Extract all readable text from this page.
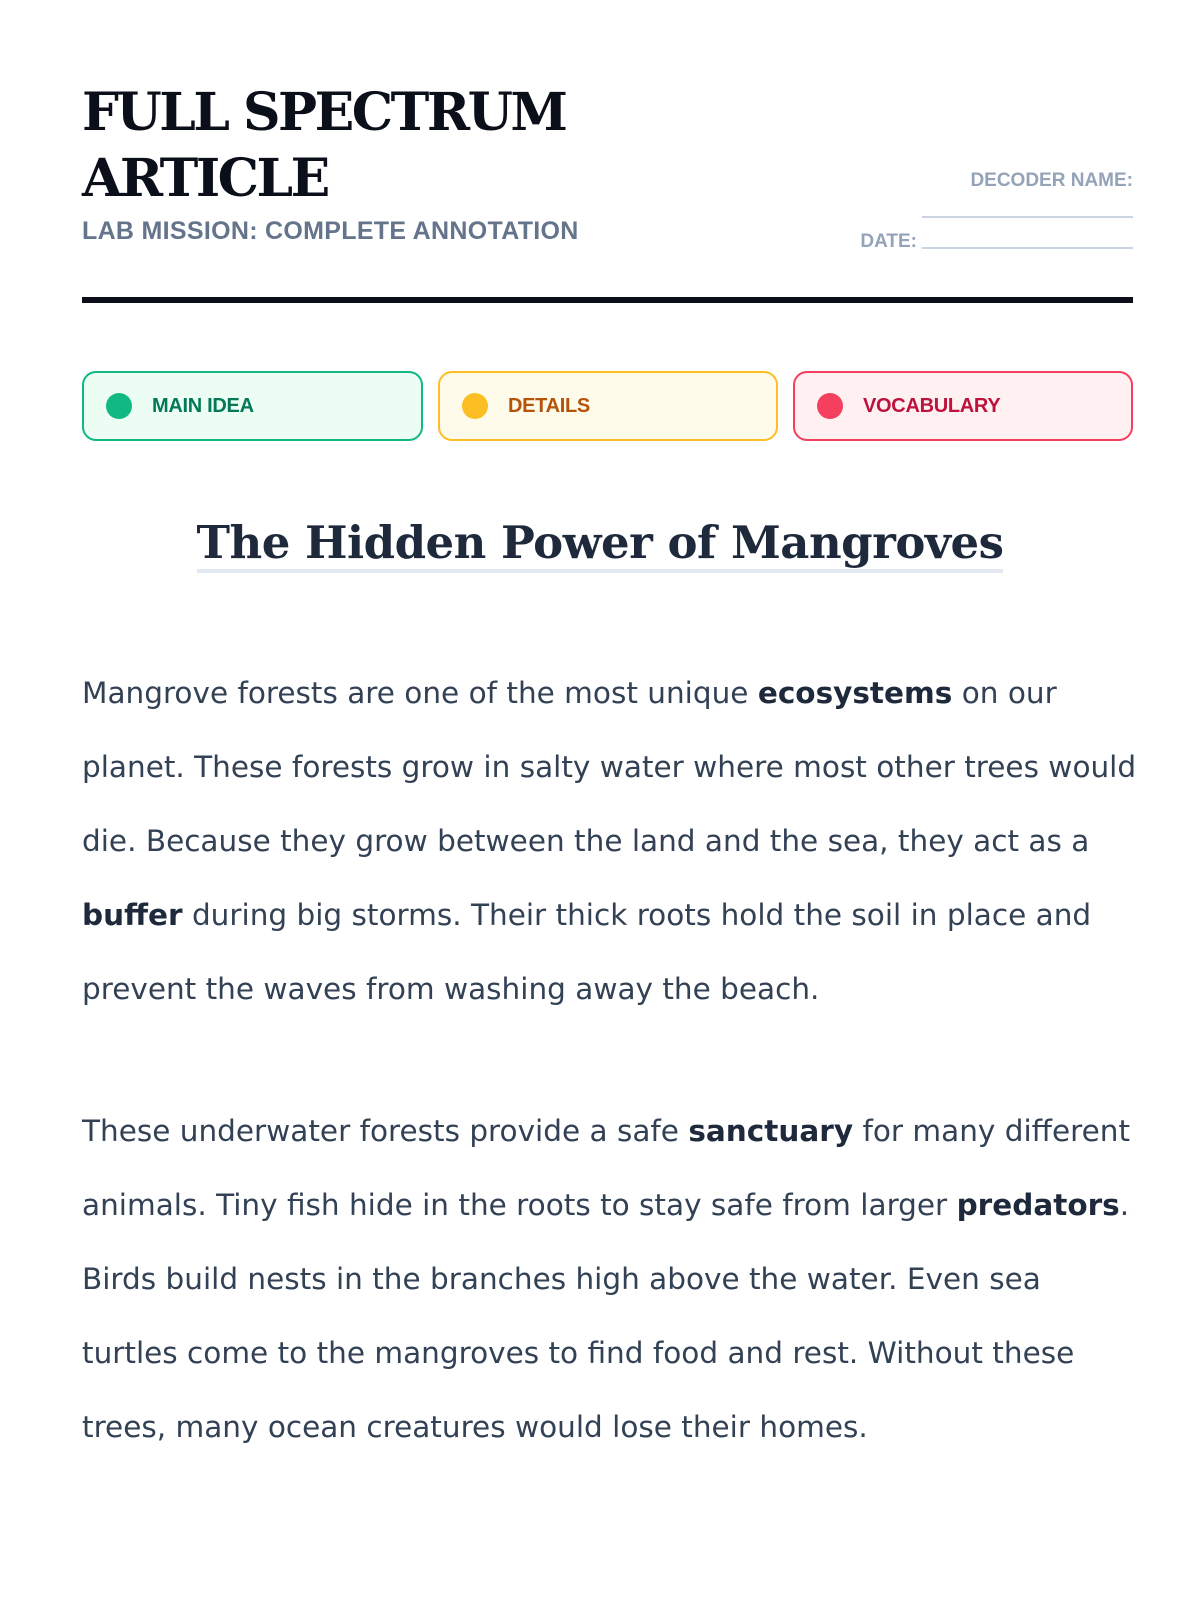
FULL SPECTRUM ARTICLE
LAB MISSION: COMPLETE ANNOTATION
DECODER NAME:
DATE:
MAIN IDEA	DETAILS	VOCABULARY
The Hidden Power of Mangroves

Mangrove forests are one of the most unique ecosystems on our planet. These forests grow in salty water where most other trees would die. Because they grow between the land and the sea, they act as a buffer during big storms. Their thick roots hold the soil in place and prevent the waves from washing away the beach.

These underwater forests provide a safe sanctuary for many different animals. Tiny fish hide in the roots to stay safe from larger predators. Birds build nests in the branches high above the water. Even sea turtles come to the mangroves to find food and rest. Without these trees, many ocean creatures would lose their homes.
